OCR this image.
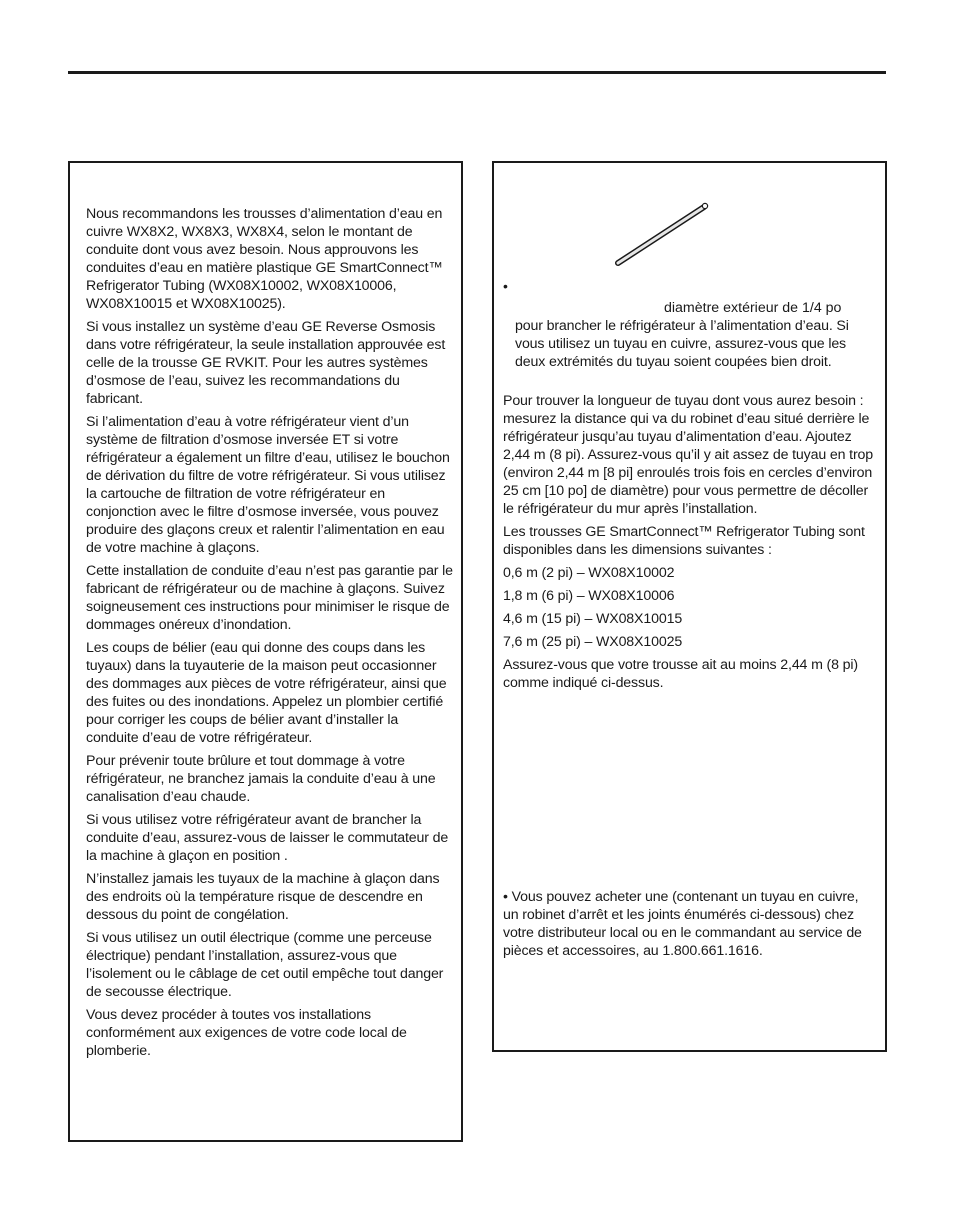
Nous recommandons les trousses d’alimentation d’eau en cuivre WX8X2, WX8X3, WX8X4, selon le montant de conduite dont vous avez besoin. Nous approuvons les conduites d’eau en matière plastique GE SmartConnect™ Refrigerator Tubing (WX08X10002, WX08X10006, WX08X10015 et WX08X10025).

Si vous installez un système d’eau GE Reverse Osmosis dans votre réfrigérateur, la seule installation approuvée est celle de la trousse GE RVKIT. Pour les autres systèmes d’osmose de l’eau, suivez les recommandations du fabricant.

Si l’alimentation d’eau à votre réfrigérateur vient d’un système de filtration d’osmose inversée ET si votre réfrigérateur a également un filtre d’eau, utilisez le bouchon de dérivation du filtre de votre réfrigérateur. Si vous utilisez la cartouche de filtration de votre réfrigérateur en conjonction avec le filtre d’osmose inversée, vous pouvez produire des glaçons creux et ralentir l’alimentation en eau de votre machine à glaçons.

Cette installation de conduite d’eau n’est pas garantie par le fabricant de réfrigérateur ou de machine à glaçons. Suivez soigneusement ces instructions pour minimiser le risque de dommages onéreux d’inondation.

Les coups de bélier (eau qui donne des coups dans les tuyaux) dans la tuyauterie de la maison peut occasionner des dommages aux pièces de votre réfrigérateur, ainsi que des fuites ou des inondations. Appelez un plombier certifié pour corriger les coups de bélier avant d’installer la conduite d’eau de votre réfrigérateur.

Pour prévenir toute brûlure et tout dommage à votre réfrigérateur, ne branchez jamais la conduite d’eau à une canalisation d’eau chaude.

Si vous utilisez votre réfrigérateur avant de brancher la conduite d’eau, assurez-vous de laisser le commutateur de la machine à glaçon en position .

N’installez jamais les tuyaux de la machine à glaçon dans des endroits où la température risque de descendre en dessous du point de congélation.

Si vous utilisez un outil électrique (comme une perceuse électrique) pendant l’installation, assurez-vous que l’isolement ou le câblage de cet outil empêche tout danger de secousse électrique.

Vous devez procéder à toutes vos installations conformément aux exigences de votre code local de plomberie.

•
diamètre extérieur de 1/4 po
pour brancher le réfrigérateur à l’alimentation d’eau. Si vous utilisez un tuyau en cuivre, assurez-vous que les deux extrémités du tuyau soient coupées bien droit.

Pour trouver la longueur de tuyau dont vous aurez besoin : mesurez la distance qui va du robinet d’eau situé derrière le réfrigérateur jusqu’au tuyau d’alimentation d’eau. Ajoutez 2,44 m (8 pi). Assurez-vous qu’il y ait assez de tuyau en trop (environ 2,44 m [8 pi] enroulés trois fois en cercles d’environ 25 cm [10 po] de diamètre) pour vous permettre de décoller le réfrigérateur du mur après l’installation.

Les trousses GE SmartConnect™ Refrigerator Tubing sont disponibles dans les dimensions suivantes :

0,6 m (2 pi) – WX08X10002

1,8 m (6 pi) – WX08X10006

4,6 m (15 pi) – WX08X10015

7,6 m (25 pi) – WX08X10025

Assurez-vous que votre trousse ait au moins 2,44 m (8 pi) comme indiqué ci-dessus.

• Vous pouvez acheter une (contenant un tuyau en cuivre, un robinet d’arrêt et les joints énumérés ci-dessous) chez votre distributeur local ou en le commandant au service de pièces et accessoires, au 1.800.661.1616.
